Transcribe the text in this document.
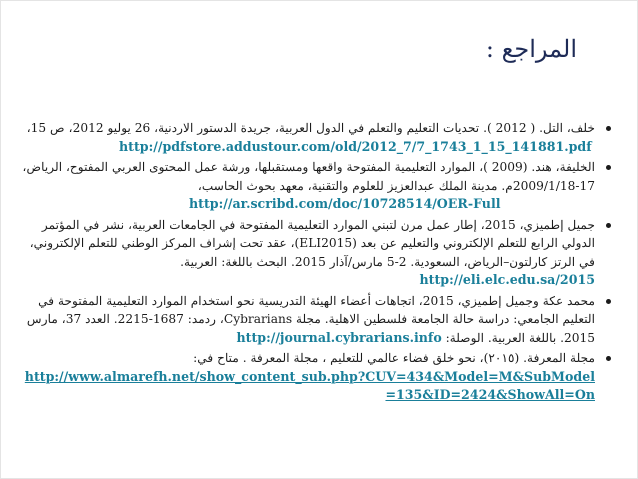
المراجع :
خلف، التل. ( 2012 ). تحديات التعليم والتعلم في الدول العربية، جريدة الدستور الاردنية، 26 يوليو 2012، ص 15،
http://pdfstore.addustour.com/old/2012_7/7_1743_1_15_141881.pdf
الخليفة، هند. (2009 )، الموارد التعليمية المفتوحة واقعها ومستقبلها، ورشة عمل المحتوى العربي المفتوح، الرياض، 17-2009/1/18م. مدينة الملك عبدالعزيز للعلوم والتقنية، معهد بحوث الحاسب،
http://ar.scribd.com/doc/10728514/OER-Full
جميل إطميزي، 2015، إطار عمل مرن لتبني الموارد التعليمية المفتوحة في الجامعات العربية، نشر في المؤتمر الدولي الرابع للتعلم الإلكتروني والتعليم عن بعد (ELI2015)، عقد تحت إشراف المركز الوطني للتعلم الإلكتروني، في الرتز كارلتون–الرياض، السعودية. 2-5 مارس/آذار 2015. البحث باللغة: العربية. http://eli.elc.edu.sa/2015
محمد عكة وجميل إطميزي، 2015، اتجاهات أعضاء الهيئة التدريسية نحو استخدام الموارد التعليمية المفتوحة في التعليم الجامعي: دراسة حالة الجامعة فلسطين الاهلية. مجلة Cybrarians، ردمد: 1687-2215. العدد 37، مارس 2015. باللغة العربية. الوصلة: http://journal.cybrarians.info
مجلة المعرفة. (٢٠١٥)، نحو خلق فضاء عالمي للتعليم ، مجلة المعرفة . متاح في:
http://www.almarefh.net/show_content_sub.php?CUV=434&Model=M&SubModel=135&ID=2424&ShowAll=On
